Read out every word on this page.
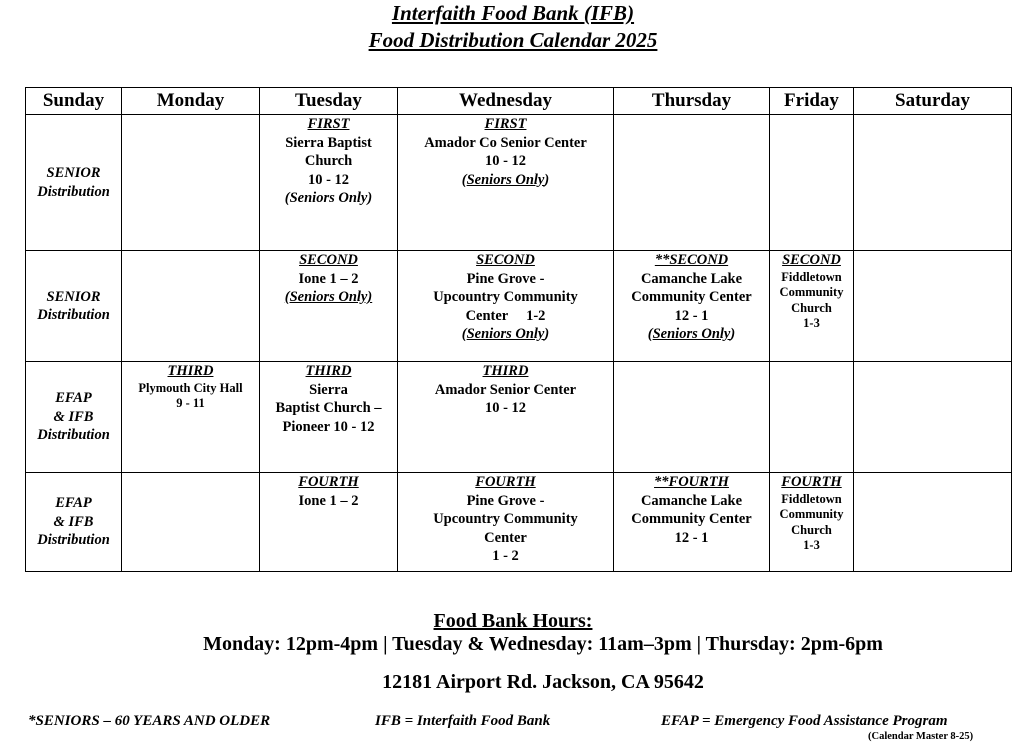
Interfaith Food Bank (IFB)
Food Distribution Calendar 2025
Sunday	Monday	Tuesday	Wednesday	Thursday	Friday	Saturday

SENIOR
Distribution		FIRST
Sierra Baptist
Church
10 - 12
(Seniors Only)	FIRST
Amador Co Senior Center
10 - 12
(Seniors Only)			

SENIOR
Distribution		SECOND
Ione 1 – 2
(Seniors Only)	SECOND
Pine Grove -
Upcountry Community
Center     1-2
(Seniors Only)	**SECOND
Camanche Lake
Community Center
12 - 1
(Seniors Only)	SECOND
Fiddletown
Community
Church
1-3	

EFAP
& IFB
Distribution	THIRD
Plymouth City Hall
9 - 11	THIRD
Sierra
Baptist Church –
Pioneer 10 - 12	THIRD
Amador Senior Center
10 - 12			

EFAP
& IFB
Distribution		FOURTH
Ione 1 – 2	FOURTH
Pine Grove -
Upcountry Community
Center
1 - 2	**FOURTH
Camanche Lake
Community Center
12 - 1	FOURTH
Fiddletown
Community
Church
1-3	

Food Bank Hours:
Monday: 12pm-4pm | Tuesday & Wednesday: 11am–3pm | Thursday: 2pm-6pm
12181 Airport Rd. Jackson, CA 95642
*SENIORS – 60 YEARS AND OLDER	IFB = Interfaith Food Bank	EFAP = Emergency Food Assistance Program
(Calendar Master 8-25)
